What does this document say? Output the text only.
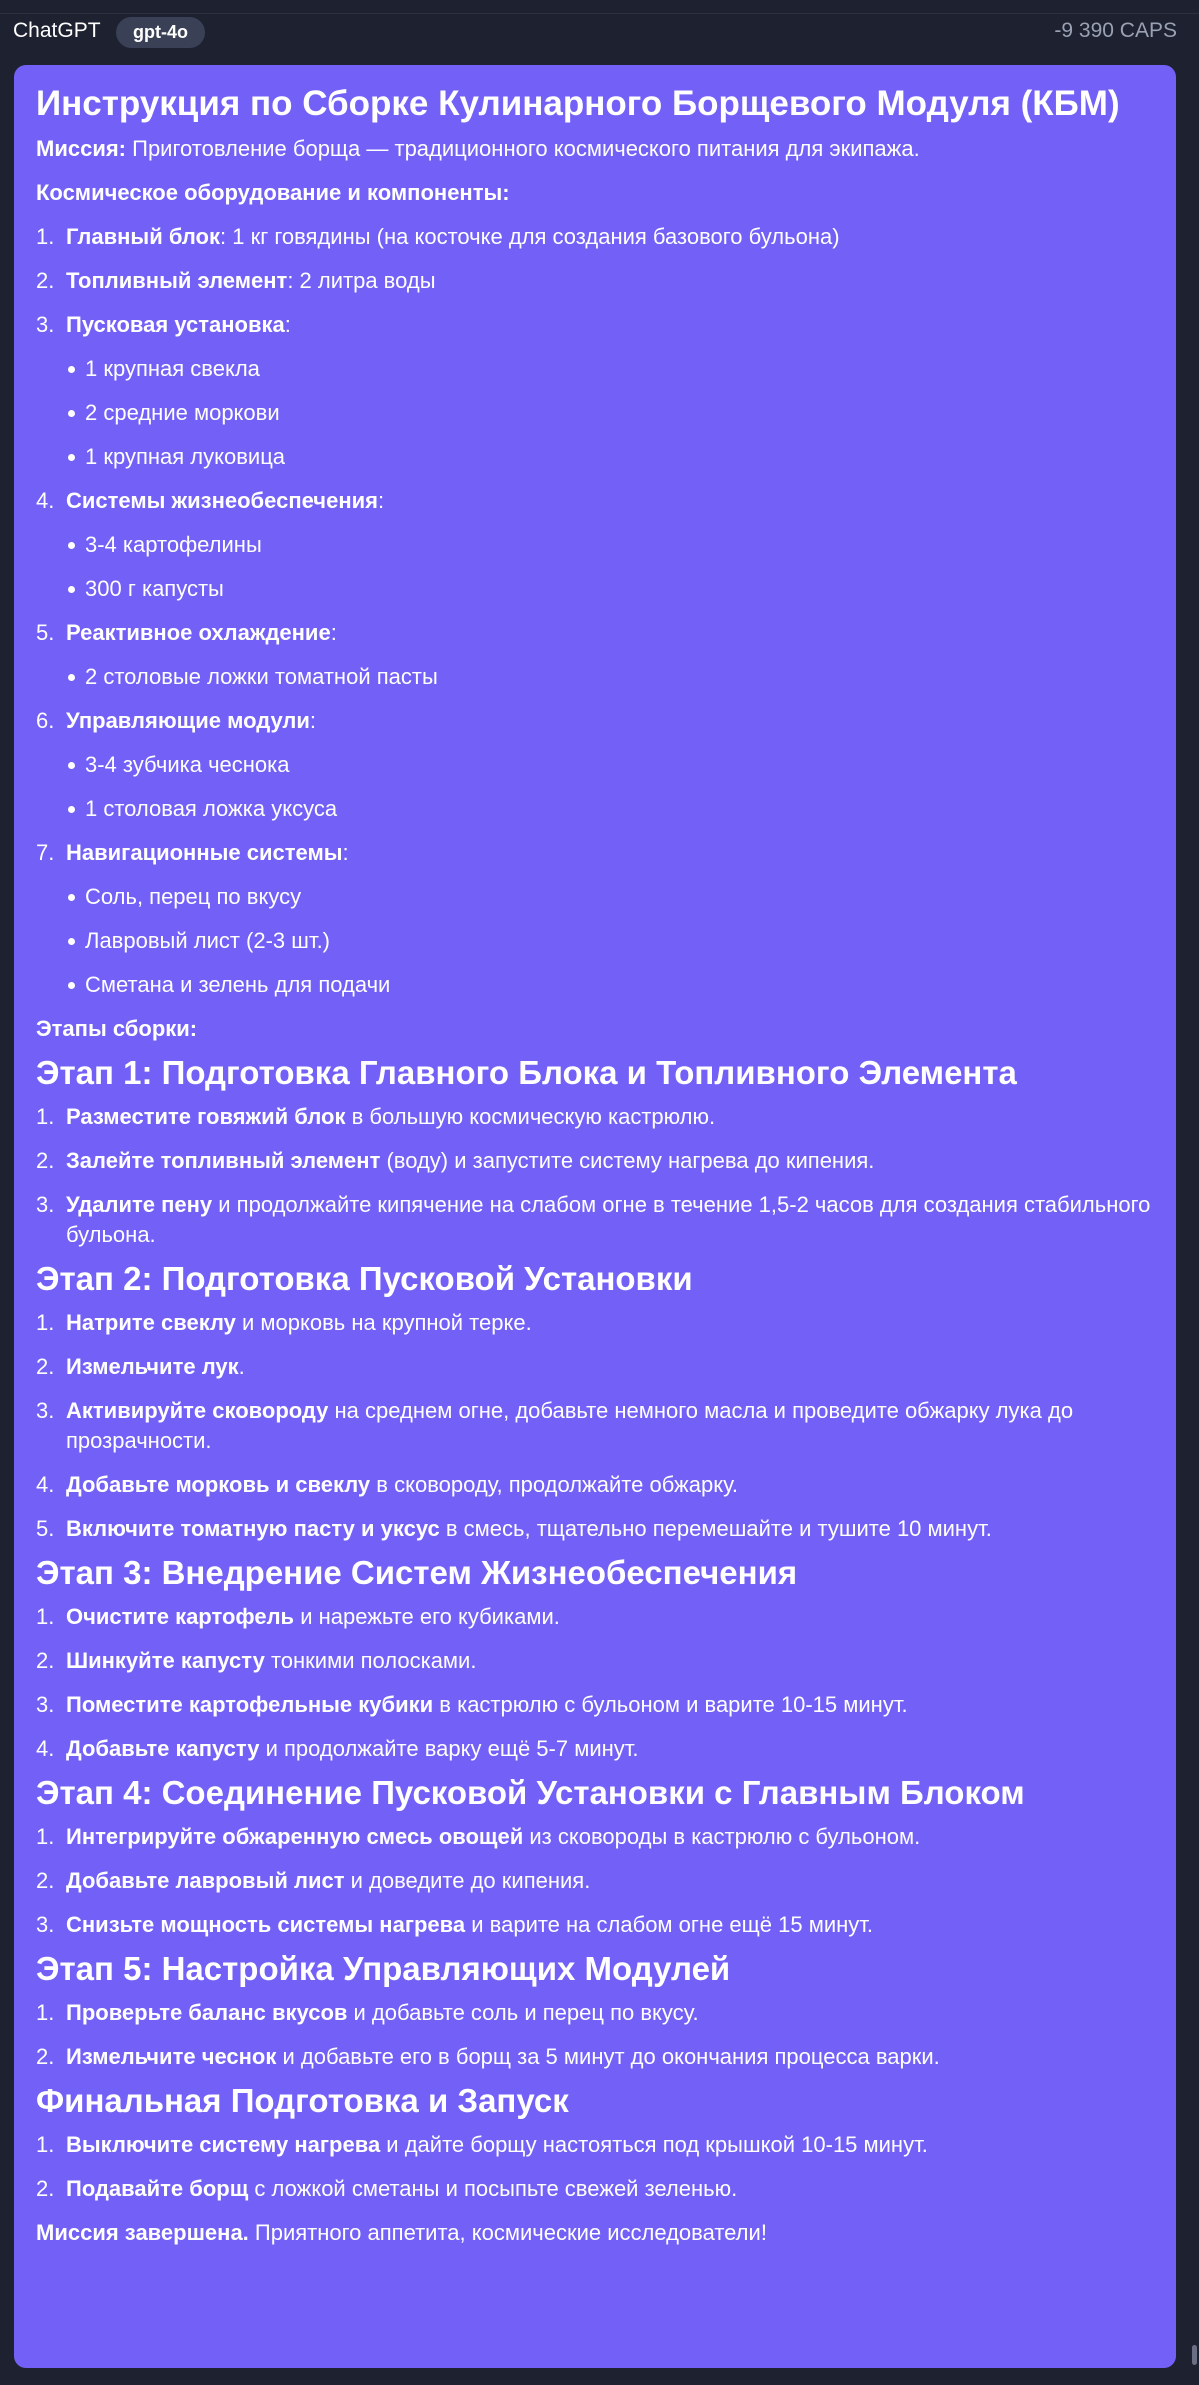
ChatGPT	gpt-4o	-9 390 CAPS
Инструкция по Сборке Кулинарного Борщевого Модуля (КБМ)

Миссия: Приготовление борща — традиционного космического питания для экипажа.

Космическое оборудование и компоненты:

1. Главный блок: 1 кг говядины (на косточке для создания базового бульона)
2. Топливный элемент: 2 литра воды
3. Пусковая установка:
1 крупная свекла
2 средние моркови
1 крупная луковица
4. Системы жизнеобеспечения:
3-4 картофелины
300 г капусты
5. Реактивное охлаждение:
2 столовые ложки томатной пасты
6. Управляющие модули:
3-4 зубчика чеснока
1 столовая ложка уксуса
7. Навигационные системы:
Соль, перец по вкусу
Лавровый лист (2-3 шт.)
Сметана и зелень для подачи

Этапы сборки:

Этап 1: Подготовка Главного Блока и Топливного Элемента
1. Разместите говяжий блок в большую космическую кастрюлю.
2. Залейте топливный элемент (воду) и запустите систему нагрева до кипения.
3. Удалите пену и продолжайте кипячение на слабом огне в течение 1,5-2 часов для создания стабильного бульона.
Этап 2: Подготовка Пусковой Установки
1. Натрите свеклу и морковь на крупной терке.
2. Измельчите лук.
3. Активируйте сковороду на среднем огне, добавьте немного масла и проведите обжарку лука до прозрачности.
4. Добавьте морковь и свеклу в сковороду, продолжайте обжарку.
5. Включите томатную пасту и уксус в смесь, тщательно перемешайте и тушите 10 минут.
Этап 3: Внедрение Систем Жизнеобеспечения
1. Очистите картофель и нарежьте его кубиками.
2. Шинкуйте капусту тонкими полосками.
3. Поместите картофельные кубики в кастрюлю с бульоном и варите 10-15 минут.
4. Добавьте капусту и продолжайте варку ещё 5-7 минут.
Этап 4: Соединение Пусковой Установки с Главным Блоком
1. Интегрируйте обжаренную смесь овощей из сковороды в кастрюлю с бульоном.
2. Добавьте лавровый лист и доведите до кипения.
3. Снизьте мощность системы нагрева и варите на слабом огне ещё 15 минут.
Этап 5: Настройка Управляющих Модулей
1. Проверьте баланс вкусов и добавьте соль и перец по вкусу.
2. Измельчите чеснок и добавьте его в борщ за 5 минут до окончания процесса варки.
Финальная Подготовка и Запуск
1. Выключите систему нагрева и дайте борщу настояться под крышкой 10-15 минут.
2. Подавайте борщ с ложкой сметаны и посыпьте свежей зеленью.

Миссия завершена. Приятного аппетита, космические исследователи!
